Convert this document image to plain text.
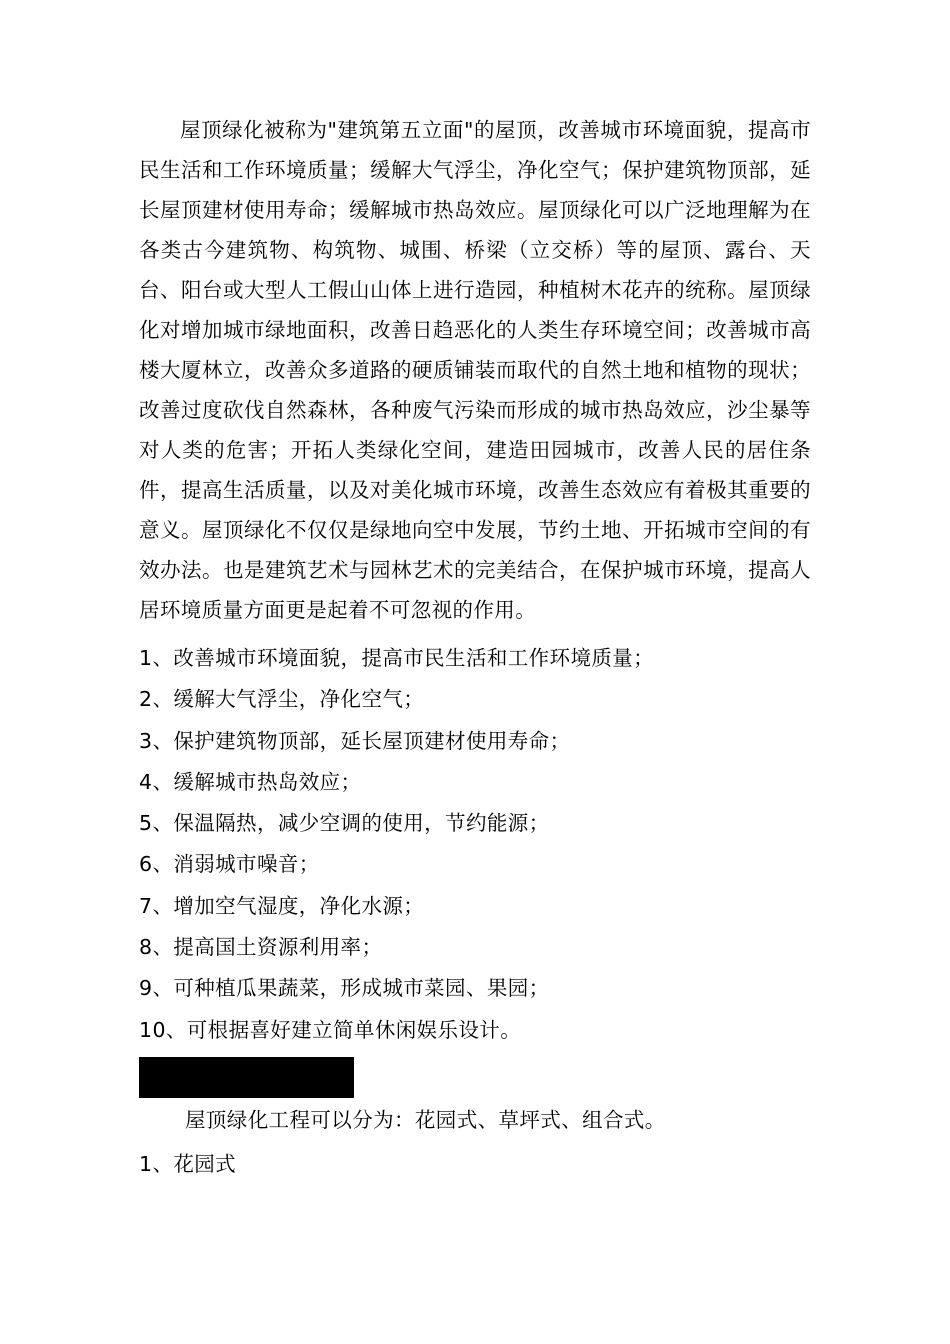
屋顶绿化被称为"建筑第五立面"的屋顶，改善城市环境面貌，提高市民生活和工作环境质量；缓解大气浮尘，净化空气；保护建筑物顶部，延长屋顶建材使用寿命；缓解城市热岛效应。屋顶绿化可以广泛地理解为在各类古今建筑物、构筑物、城围、桥梁（立交桥）等的屋顶、露台、天台、阳台或大型人工假山山体上进行造园，种植树木花卉的统称。屋顶绿化对增加城市绿地面积，改善日趋恶化的人类生存环境空间；改善城市高楼大厦林立，改善众多道路的硬质铺装而取代的自然土地和植物的现状；改善过度砍伐自然森林，各种废气污染而形成的城市热岛效应，沙尘暴等对人类的危害；开拓人类绿化空间，建造田园城市，改善人民的居住条件，提高生活质量，以及对美化城市环境，改善生态效应有着极其重要的意义。屋顶绿化不仅仅是绿地向空中发展，节约土地、开拓城市空间的有效办法。也是建筑艺术与园林艺术的完美结合，在保护城市环境，提高人居环境质量方面更是起着不可忽视的作用。

1、改善城市环境面貌，提高市民生活和工作环境质量；
2、缓解大气浮尘，净化空气；
3、保护建筑物顶部，延长屋顶建材使用寿命；
4、缓解城市热岛效应；
5、保温隔热，减少空调的使用，节约能源；
6、消弱城市噪音；
7、增加空气湿度，净化水源；
8、提高国土资源利用率；
9、可种植瓜果蔬菜，形成城市菜园、果园；
10、可根据喜好建立简单休闲娱乐设计。

屋顶绿化工程可以分为：花园式、草坪式、组合式。

1、花园式
